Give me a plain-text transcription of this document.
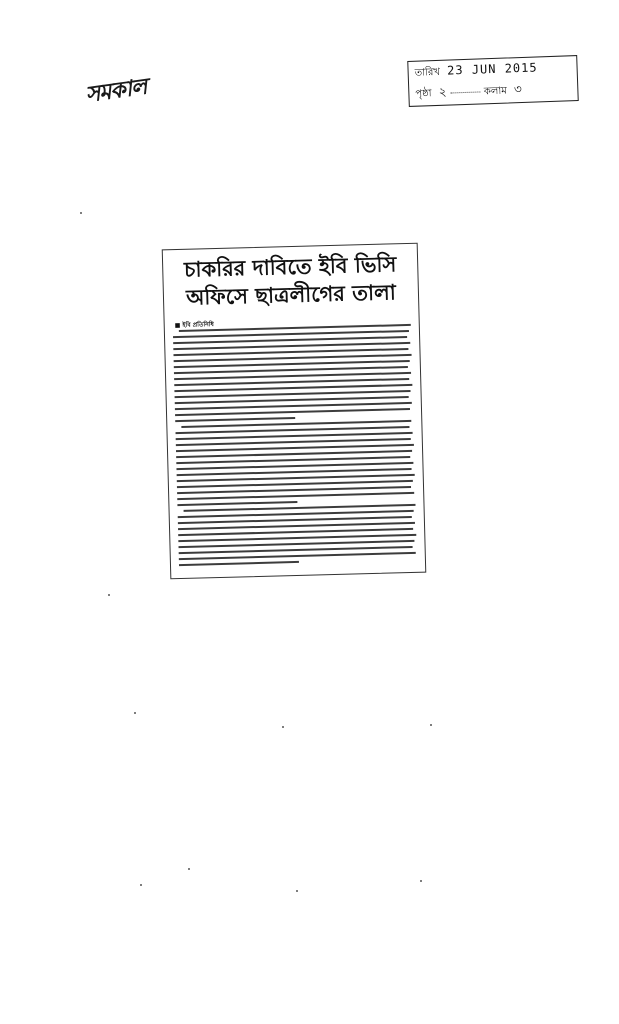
সমকাল
তারিখ 23 JUN 2015
পৃষ্ঠা ২	কলাম ৩
চাকরির দাবিতে ইবি ভিসি
অফিসে ছাত্রলীগের তালা
■ ইবি প্রতিনিধি
